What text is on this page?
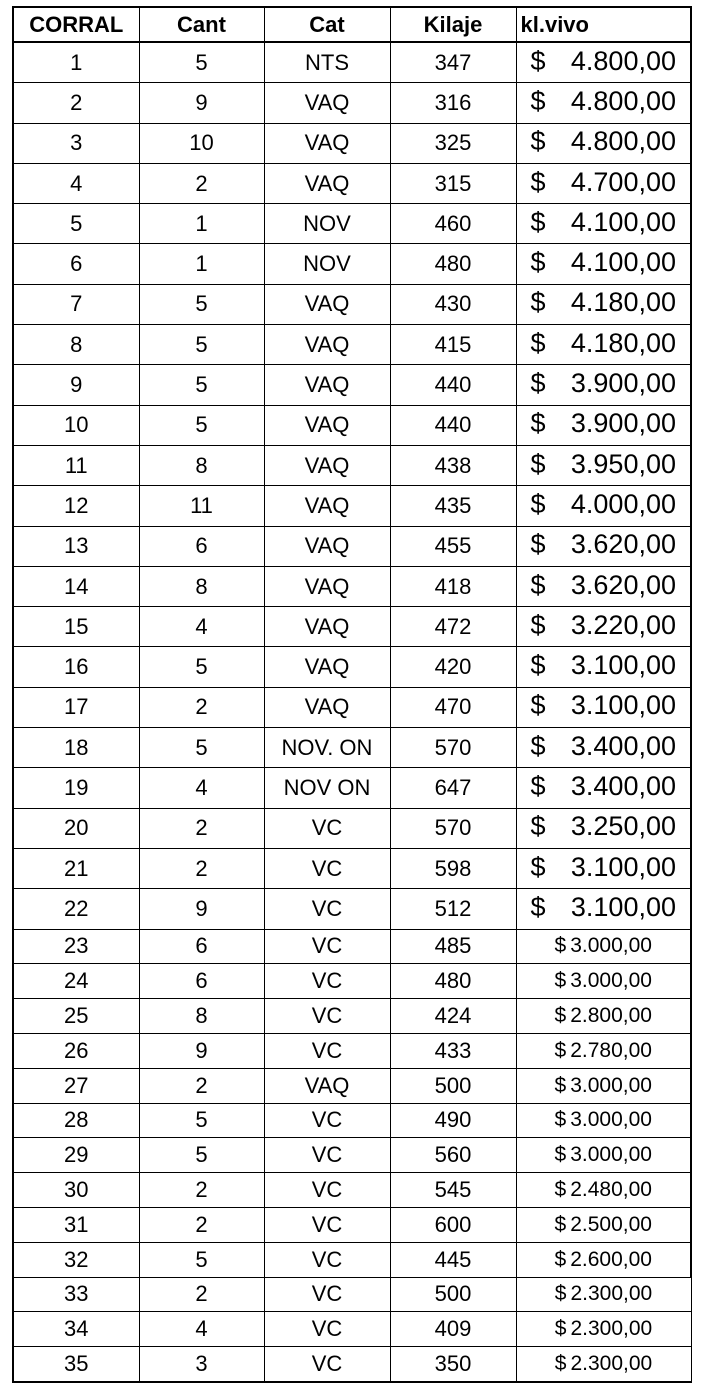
CORRAL	Cant	Cat	Kilaje	kl.vivo
1	5	NTS	347	$ 4.800,00

2	9	VAQ	316	$ 4.800,00

3	10	VAQ	325	$ 4.800,00

4	2	VAQ	315	$ 4.700,00

5	1	NOV	460	$ 4.100,00

6	1	NOV	480	$ 4.100,00

7	5	VAQ	430	$ 4.180,00

8	5	VAQ	415	$ 4.180,00

9	5	VAQ	440	$ 3.900,00

10	5	VAQ	440	$ 3.900,00

11	8	VAQ	438	$ 3.950,00

12	11	VAQ	435	$ 4.000,00

13	6	VAQ	455	$ 3.620,00

14	8	VAQ	418	$ 3.620,00

15	4	VAQ	472	$ 3.220,00

16	5	VAQ	420	$ 3.100,00

17	2	VAQ	470	$ 3.100,00

18	5	NOV. ON	570	$ 3.400,00

19	4	NOV ON	647	$ 3.400,00

20	2	VC	570	$ 3.250,00

21	2	VC	598	$ 3.100,00

22	9	VC	512	$ 3.100,00

23	6	VC	485	$ 3.000,00
24	6	VC	480	$ 3.000,00
25	8	VC	424	$ 2.800,00
26	9	VC	433	$ 2.780,00
27	2	VAQ	500	$ 3.000,00
28	5	VC	490	$ 3.000,00
29	5	VC	560	$ 3.000,00
30	2	VC	545	$ 2.480,00
31	2	VC	600	$ 2.500,00
32	5	VC	445	$ 2.600,00
33	2	VC	500	$ 2.300,00
34	4	VC	409	$ 2.300,00
35	3	VC	350	$ 2.300,00
